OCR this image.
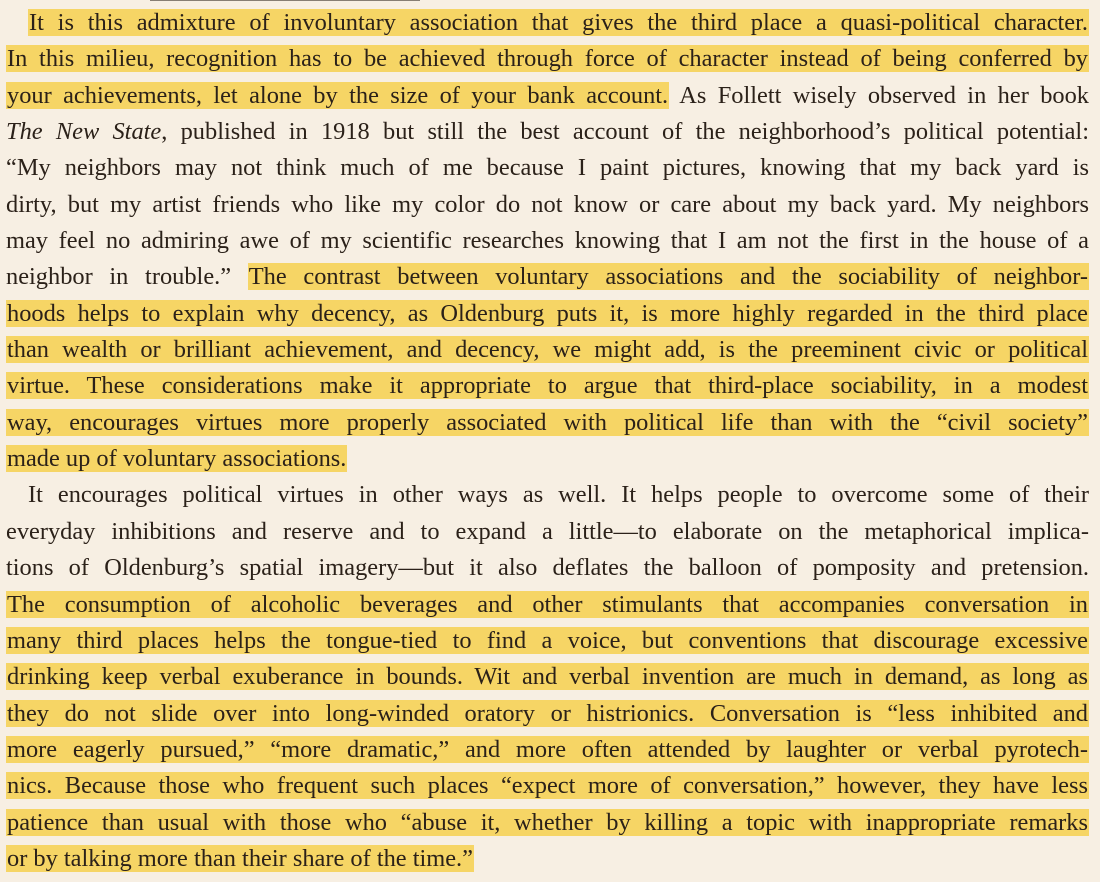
It is this admixture of involuntary association that gives the third place a quasi-political character.
In this milieu, recognition has to be achieved through force of character instead of being conferred by
your achievements, let alone by the size of your bank account. As Follett wisely observed in her book
The New State, published in 1918 but still the best account of the neighborhood’s political potential:
“My neighbors may not think much of me because I paint pictures, knowing that my back yard is
dirty, but my artist friends who like my color do not know or care about my back yard. My neighbors
may feel no admiring awe of my scientific researches knowing that I am not the first in the house of a
neighbor in trouble.” The contrast between voluntary associations and the sociability of neighbor-
hoods helps to explain why decency, as Oldenburg puts it, is more highly regarded in the third place
than wealth or brilliant achievement, and decency, we might add, is the preeminent civic or political
virtue. These considerations make it appropriate to argue that third-place sociability, in a modest
way, encourages virtues more properly associated with political life than with the “civil society”
made up of voluntary associations.
It encourages political virtues in other ways as well. It helps people to overcome some of their
everyday inhibitions and reserve and to expand a little—to elaborate on the metaphorical implica-
tions of Oldenburg’s spatial imagery—but it also deflates the balloon of pomposity and pretension.
The consumption of alcoholic beverages and other stimulants that accompanies conversation in
many third places helps the tongue-tied to find a voice, but conventions that discourage excessive
drinking keep verbal exuberance in bounds. Wit and verbal invention are much in demand, as long as
they do not slide over into long-winded oratory or histrionics. Conversation is “less inhibited and
more eagerly pursued,” “more dramatic,” and more often attended by laughter or verbal pyrotech-
nics. Because those who frequent such places “expect more of conversation,” however, they have less
patience than usual with those who “abuse it, whether by killing a topic with inappropriate remarks
or by talking more than their share of the time.”
